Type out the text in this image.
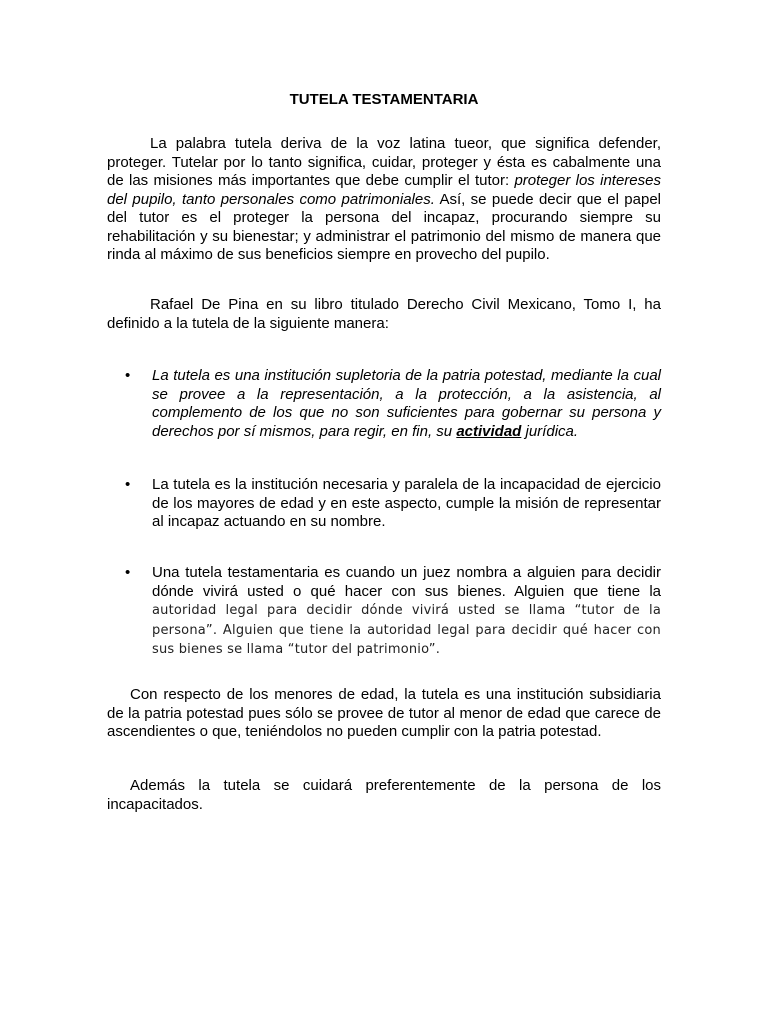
TUTELA TESTAMENTARIA

La palabra tutela deriva de la voz latina tueor, que significa defender, proteger. Tutelar por lo tanto significa, cuidar, proteger y ésta es cabalmente una de las misiones más importantes que debe cumplir el tutor: proteger los intereses del pupilo, tanto personales como patrimoniales. Así, se puede decir que el papel del tutor es el proteger la persona del incapaz, procurando siempre su rehabilitación y su bienestar; y administrar el patrimonio del mismo de manera que rinda al máximo de sus beneficios siempre en provecho del pupilo.

Rafael De Pina en su libro titulado Derecho Civil Mexicano, Tomo I, ha definido a la tutela de la siguiente manera:

• La tutela es una institución supletoria de la patria potestad, mediante la cual se provee a la representación, a la protección, a la asistencia, al complemento de los que no son suficientes para gobernar su persona y derechos por sí mismos, para regir, en fin, su actividad jurídica.

• La tutela es la institución necesaria y paralela de la incapacidad de ejercicio de los mayores de edad y en este aspecto, cumple la misión de representar al incapaz actuando en su nombre.

• Una tutela testamentaria es cuando un juez nombra a alguien para decidir dónde vivirá usted o qué hacer con sus bienes. Alguien que tiene la autoridad legal para decidir dónde vivirá usted se llama “tutor de la persona”. Alguien que tiene la autoridad legal para decidir qué hacer con sus bienes se llama “tutor del patrimonio”.

Con respecto de los menores de edad, la tutela es una institución subsidiaria de la patria potestad pues sólo se provee de tutor al menor de edad que carece de ascendientes o que, teniéndolos no pueden cumplir con la patria potestad.

Además la tutela se cuidará preferentemente de la persona de los incapacitados.
